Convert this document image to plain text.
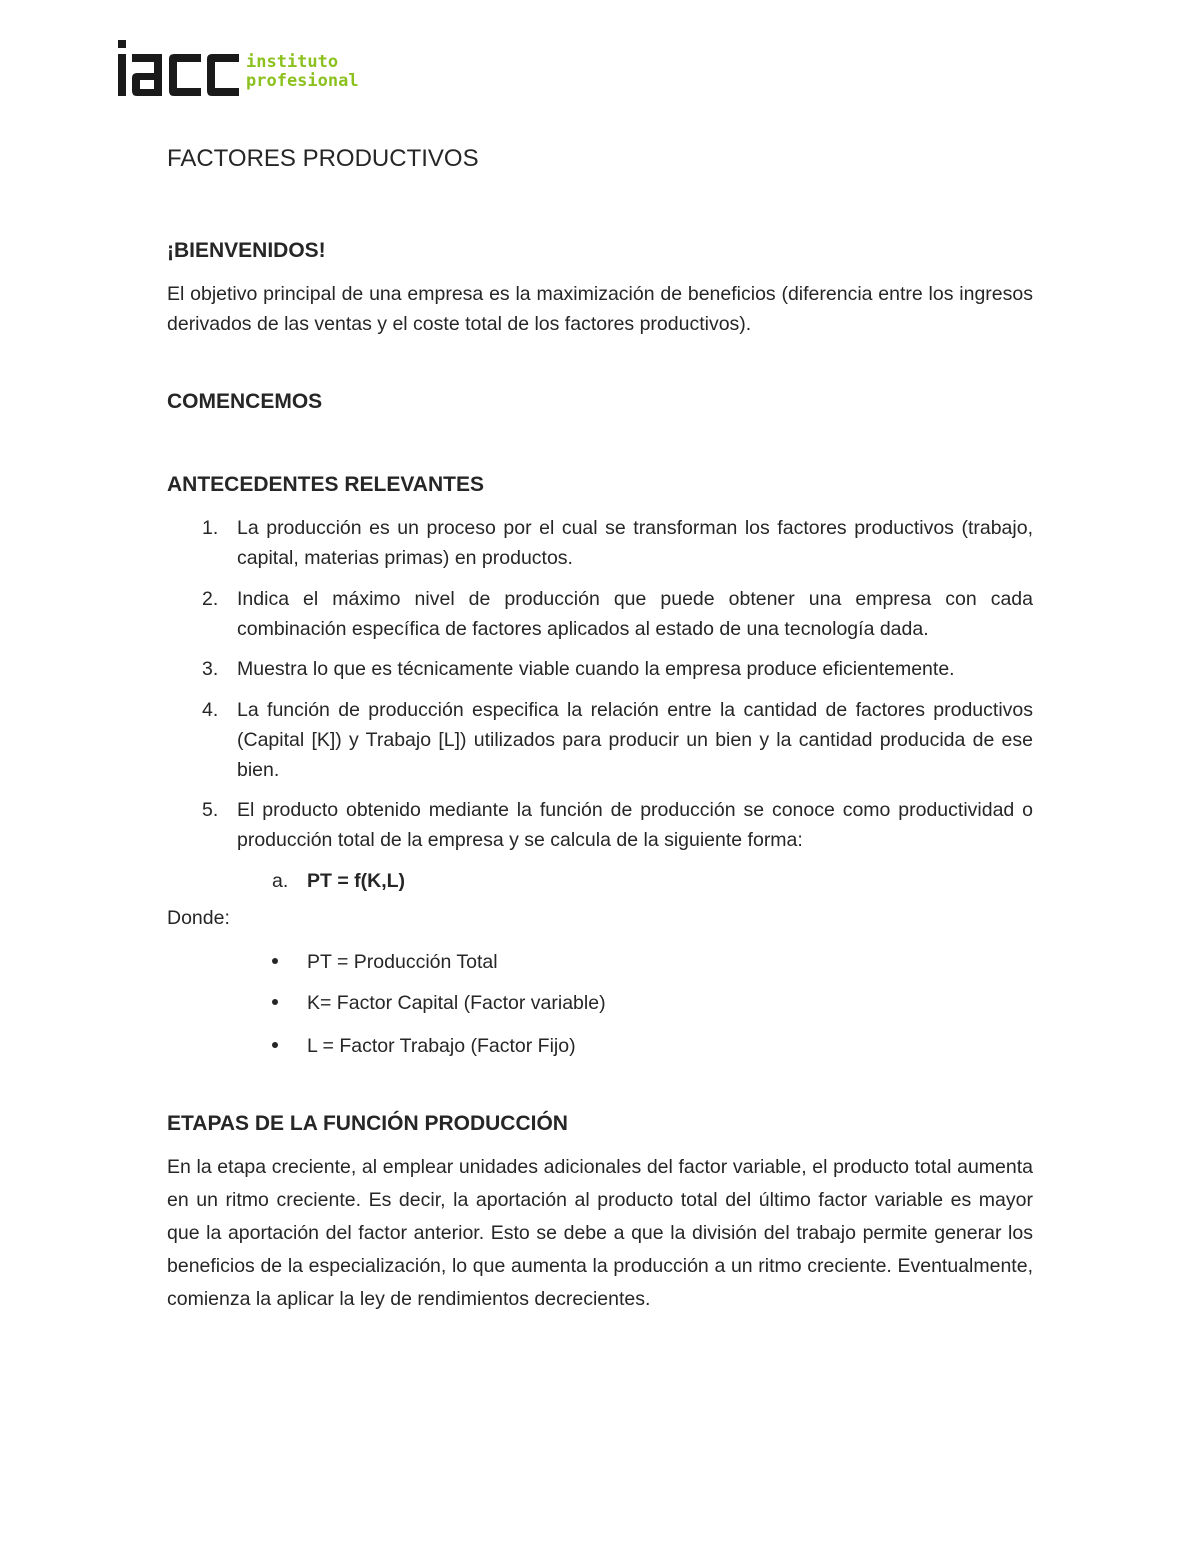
instituto
profesional
FACTORES PRODUCTIVOS
¡BIENVENIDOS!
El objetivo principal de una empresa es la maximización de beneficios (diferencia entre los ingresos derivados de las ventas y el coste total de los factores productivos).
COMENCEMOS
ANTECEDENTES RELEVANTES
1. La producción es un proceso por el cual se transforman los factores productivos (trabajo, capital, materias primas) en productos.
2. Indica el máximo nivel de producción que puede obtener una empresa con cada combinación específica de factores aplicados al estado de una tecnología dada.
3. Muestra lo que es técnicamente viable cuando la empresa produce eficientemente.
4. La función de producción especifica la relación entre la cantidad de factores productivos (Capital [K]) y Trabajo [L]) utilizados para producir un bien y la cantidad producida de ese bien.
5. El producto obtenido mediante la función de producción se conoce como productividad o producción total de la empresa y se calcula de la siguiente forma:
a. PT = f(K,L)
Donde:
PT = Producción Total
K= Factor Capital (Factor variable)
L = Factor Trabajo (Factor Fijo)
ETAPAS DE LA FUNCIÓN PRODUCCIÓN
En la etapa creciente, al emplear unidades adicionales del factor variable, el producto total aumenta en un ritmo creciente. Es decir, la aportación al producto total del último factor variable es mayor que la aportación del factor anterior. Esto se debe a que la división del trabajo permite generar los beneficios de la especialización, lo que aumenta la producción a un ritmo creciente. Eventualmente, comienza la aplicar la ley de rendimientos decrecientes.
